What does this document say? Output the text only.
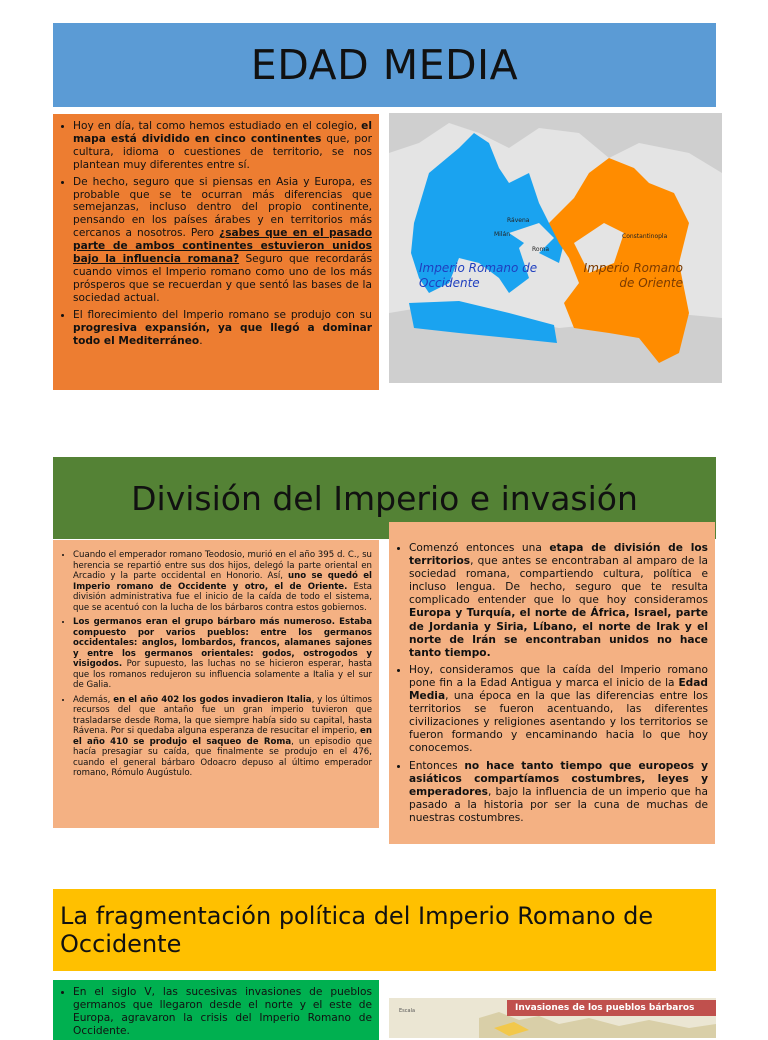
EDAD MEDIA
• Hoy en día, tal como hemos estudiado en el colegio, el mapa está dividido en cinco continentes que, por cultura, idioma o cuestiones de territorio, se nos plantean muy diferentes entre sí.
• De hecho, seguro que si piensas en Asia y Europa, es probable que se te ocurran más diferencias que semejanzas, incluso dentro del propio continente, pensando en los países árabes y en territorios más cercanos a nosotros. Pero ¿sabes que en el pasado parte de ambos continentes estuvieron unidos bajo la influencia romana? Seguro que recordarás cuando vimos el Imperio romano como uno de los más prósperos que se recuerdan y que sentó las bases de la sociedad actual.
• El florecimiento del Imperio romano se produjo con su progresiva expansión, ya que llegó a dominar todo el Mediterráneo.
Imperio Romano de Occidente
Imperio Romano de Oriente
Rávena
Milán
Roma
Constantinopla
División del Imperio e invasión
• Cuando el emperador romano Teodosio, murió en el año 395 d. C., su herencia se repartió entre sus dos hijos, delegó la parte oriental en Arcadio y la parte occidental en Honorio. Así, uno se quedó el Imperio romano de Occidente y otro, el de Oriente. Esta división administrativa fue el inicio de la caída de todo el sistema, que se acentuó con la lucha de los bárbaros contra estos gobiernos.
• Los germanos eran el grupo bárbaro más numeroso. Estaba compuesto por varios pueblos: entre los germanos occidentales: anglos, lombardos, francos, alamanes sajones y entre los germanos orientales: godos, ostrogodos y visigodos. Por supuesto, las luchas no se hicieron esperar, hasta que los romanos redujeron su influencia solamente a Italia y el sur de Galia.
• Además, en el año 402 los godos invadieron Italia, y los últimos recursos del que antaño fue un gran imperio tuvieron que trasladarse desde Roma, la que siempre había sido su capital, hasta Rávena. Por si quedaba alguna esperanza de resucitar el imperio, en el año 410 se produjo el saqueo de Roma, un episodio que hacía presagiar su caída, que finalmente se produjo en el 476, cuando el general bárbaro Odoacro depuso al último emperador romano, Rómulo Augústulo.
• Comenzó entonces una etapa de división de los territorios, que antes se encontraban al amparo de la sociedad romana, compartiendo cultura, política e incluso lengua. De hecho, seguro que te resulta complicado entender que lo que hoy consideramos Europa y Turquía, el norte de África, Israel, parte de Jordania y Siria, Líbano, el norte de Irak y el norte de Irán se encontraban unidos no hace tanto tiempo.
• Hoy, consideramos que la caída del Imperio romano pone fin a la Edad Antigua y marca el inicio de la Edad Media, una época en la que las diferencias entre los territorios se fueron acentuando, las diferentes civilizaciones y religiones asentando y los territorios se fueron formando y encaminando hacia lo que hoy conocemos.
• Entonces no hace tanto tiempo que europeos y asiáticos compartíamos costumbres, leyes y emperadores, bajo la influencia de un imperio que ha pasado a la historia por ser la cuna de muchas de nuestras costumbres.
La fragmentación política del Imperio Romano de Occidente
• En el siglo V, las sucesivas invasiones de pueblos germanos que llegaron desde el norte y el este de Europa, agravaron la crisis del Imperio Romano de Occidente.
Escala	Invasiones de los pueblos bárbaros
